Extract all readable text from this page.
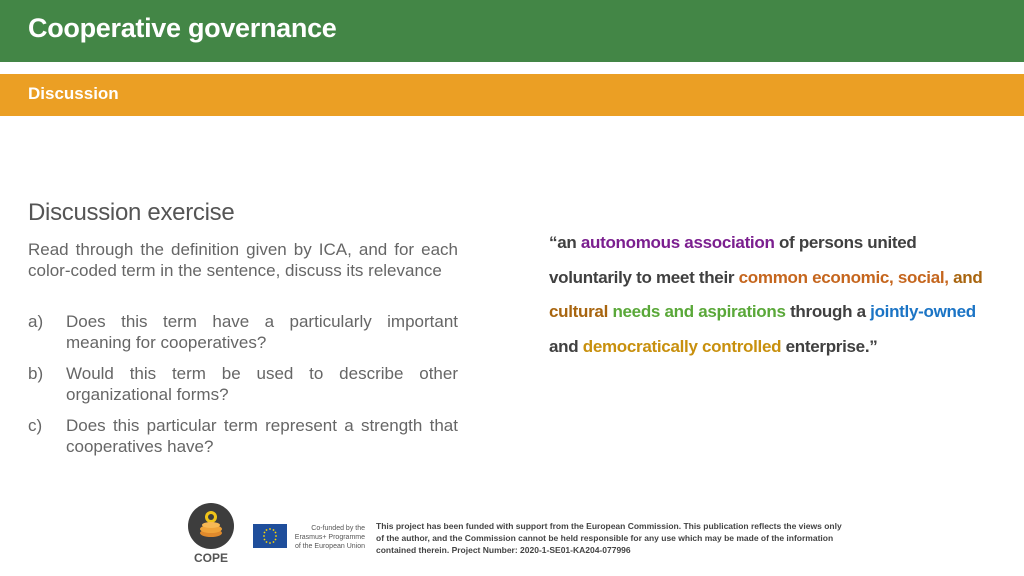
Cooperative governance
Discussion
Discussion exercise
Read through the definition given by ICA, and for each color-coded term in the sentence, discuss its relevance
a) Does this term have a particularly important meaning for cooperatives?
b) Would this term be used to describe other organizational forms?
c) Does this particular term represent a strength that cooperatives have?
“an autonomous association of persons united voluntarily to meet their common economic, social, and cultural needs and aspirations through a jointly-owned and democratically controlled enterprise.”
COPE
Co-funded by the Erasmus+ Programme of the European Union
This project has been funded with support from the European Commission. This publication reflects the views only of the author, and the Commission cannot be held responsible for any use which may be made of the information contained therein. Project Number: 2020-1-SE01-KA204-077996
